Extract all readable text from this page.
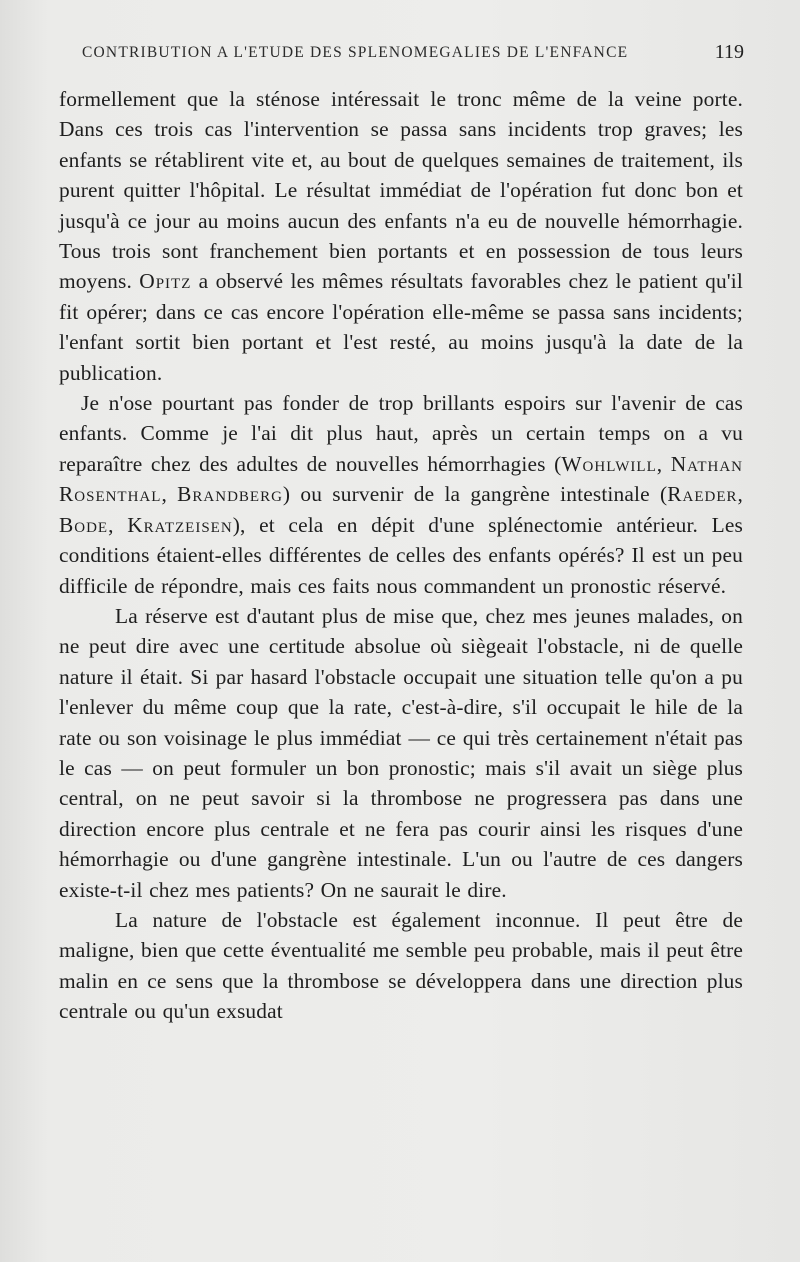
CONTRIBUTION A L'ETUDE DES SPLENOMEGALIES DE L'ENFANCE	119

formellement que la sténose intéressait le tronc même de la veine porte. Dans ces trois cas l'intervention se passa sans incidents trop graves; les enfants se rétablirent vite et, au bout de quelques semaines de traitement, ils purent quitter l'hôpital. Le résultat immédiat de l'opération fut donc bon et jusqu'à ce jour au moins aucun des enfants n'a eu de nouvelle hémorrhagie. Tous trois sont franchement bien portants et en possession de tous leurs moyens. Opitz a observé les mêmes résultats favorables chez le patient qu'il fit opérer; dans ce cas encore l'opération elle-même se passa sans incidents; l'enfant sortit bien portant et l'est resté, au moins jusqu'à la date de la publication.

Je n'ose pourtant pas fonder de trop brillants espoirs sur l'avenir de cas enfants. Comme je l'ai dit plus haut, après un certain temps on a vu reparaître chez des adultes de nouvelles hémorrhagies (Wohlwill, Nathan Rosenthal, Brandberg) ou survenir de la gangrène intestinale (Raeder, Bode, Kratzeisen), et cela en dépit d'une splénectomie antérieur. Les conditions étaient-elles différentes de celles des enfants opérés? Il est un peu difficile de répondre, mais ces faits nous commandent un pronostic réservé.

La réserve est d'autant plus de mise que, chez mes jeunes malades, on ne peut dire avec une certitude absolue où siègeait l'obstacle, ni de quelle nature il était. Si par hasard l'obstacle occupait une situation telle qu'on a pu l'enlever du même coup que la rate, c'est-à-dire, s'il occupait le hile de la rate ou son voisinage le plus immédiat — ce qui très certainement n'était pas le cas — on peut formuler un bon pronostic; mais s'il avait un siège plus central, on ne peut savoir si la thrombose ne progressera pas dans une direction encore plus centrale et ne fera pas courir ainsi les risques d'une hémorrhagie ou d'une gangrène intestinale. L'un ou l'autre de ces dangers existe-t-il chez mes patients? On ne saurait le dire.

La nature de l'obstacle est également inconnue. Il peut être de maligne, bien que cette éventualité me semble peu probable, mais il peut être malin en ce sens que la thrombose se développera dans une direction plus centrale ou qu'un exsudat
